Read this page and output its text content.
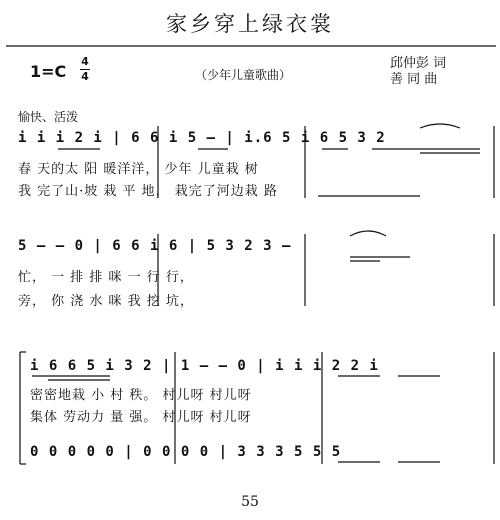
家乡穿上绿衣裳
1=C
4
4	（少年儿童歌曲）
邱仲彭 词
善 同 曲
愉快、活泼
i i i 2 i | 6 6 i 5 — | i.6 5 i 6 5 3 2
春 天的太 阳 暖洋洋， 少年 儿童栽 树
我 完了山·坡 栽 平 地， 栽完了河边栽 路
5 — — 0 | 6 6 i 6 | 5 3 2 3 —
忙， 一 排 排 咪 一 行 行，
旁， 你 浇 水 咪 我 挖 坑，
i 6 6 5 i 3 2 | 1 — — 0 | i i i 2 2 i
密密地栽 小 村 秩。 村儿呀 村儿呀
集体 劳动力 量 强。 村儿呀 村儿呀
0 0 0 0 0 | 0 0 0 0 | 3 3 3 5 5 5
55
